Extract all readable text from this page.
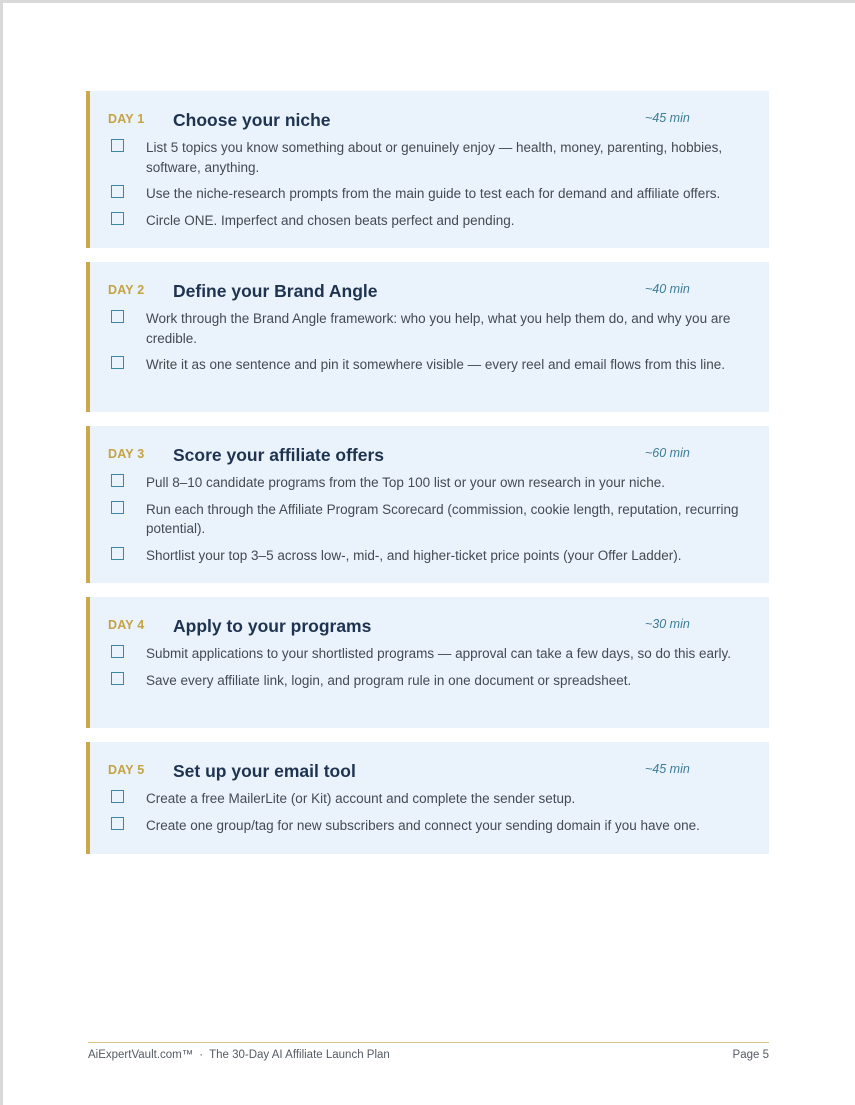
DAY 1 Choose your niche	~45 min
List 5 topics you know something about or genuinely enjoy — health, money, parenting, hobbies, software, anything.
Use the niche-research prompts from the main guide to test each for demand and affiliate offers.
Circle ONE. Imperfect and chosen beats perfect and pending.
DAY 2 Define your Brand Angle	~40 min
Work through the Brand Angle framework: who you help, what you help them do, and why you are credible.
Write it as one sentence and pin it somewhere visible — every reel and email flows from this line.
DAY 3 Score your affiliate offers	~60 min
Pull 8–10 candidate programs from the Top 100 list or your own research in your niche.
Run each through the Affiliate Program Scorecard (commission, cookie length, reputation, recurring potential).
Shortlist your top 3–5 across low-, mid-, and higher-ticket price points (your Offer Ladder).
DAY 4 Apply to your programs	~30 min
Submit applications to your shortlisted programs — approval can take a few days, so do this early.
Save every affiliate link, login, and program rule in one document or spreadsheet.
DAY 5 Set up your email tool	~45 min
Create a free MailerLite (or Kit) account and complete the sender setup.
Create one group/tag for new subscribers and connect your sending domain if you have one.
AiExpertVault.com™ · The 30-Day AI Affiliate Launch Plan	Page 5
